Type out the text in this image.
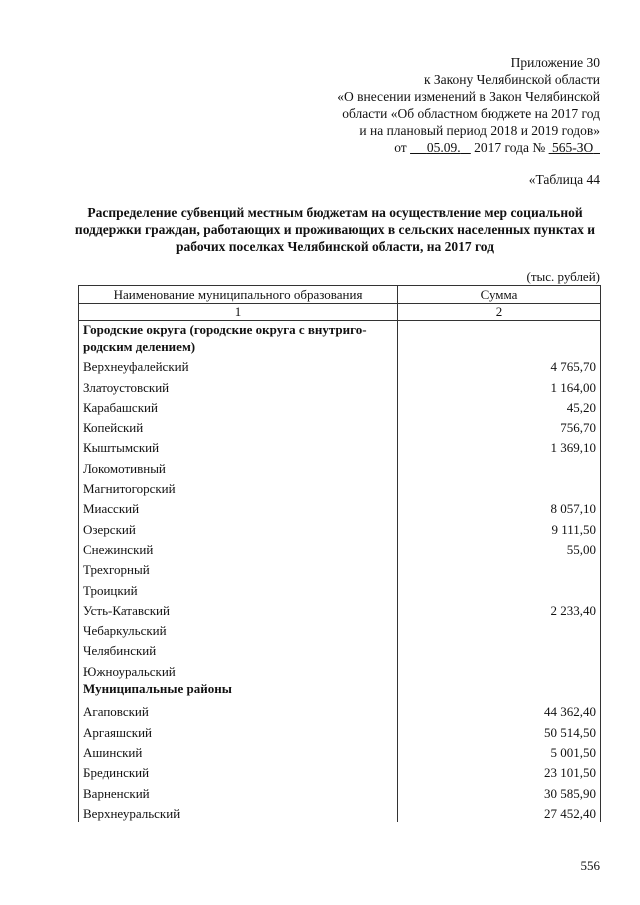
Приложение 30
к Закону Челябинской области
«О внесении изменений в Закон Челябинской
области «Об областном бюджете на 2017 год
и на плановый период 2018 и 2019 годов»
от 05.09. 2017 года № 565-ЗО
«Таблица 44
Распределение субвенций местным бюджетам на осуществление мер социальной поддержки граждан, работающих и проживающих в сельских населенных пунктах и рабочих поселках Челябинской области, на 2017 год
(тыс. рублей)
Наименование муниципального образования	Сумма
1	2
Городские округа (городские округа с внутриго-родским делением)	
Верхнеуфалейский	4 765,70
Златоустовский	1 164,00
Карабашский	45,20
Копейский	756,70
Кыштымский	1 369,10
Локомотивный	
Магнитогорский	
Миасский	8 057,10
Озерский	9 111,50
Снежинский	55,00
Трехгорный	
Троицкий	
Усть-Катавский	2 233,40
Чебаркульский	
Челябинский	
Южноуральский	
Муниципальные районы	
Агаповский	44 362,40
Аргаяшский	50 514,50
Ашинский	5 001,50
Брединский	23 101,50
Варненский	30 585,90
Верхнеуральский	27 452,40
556
